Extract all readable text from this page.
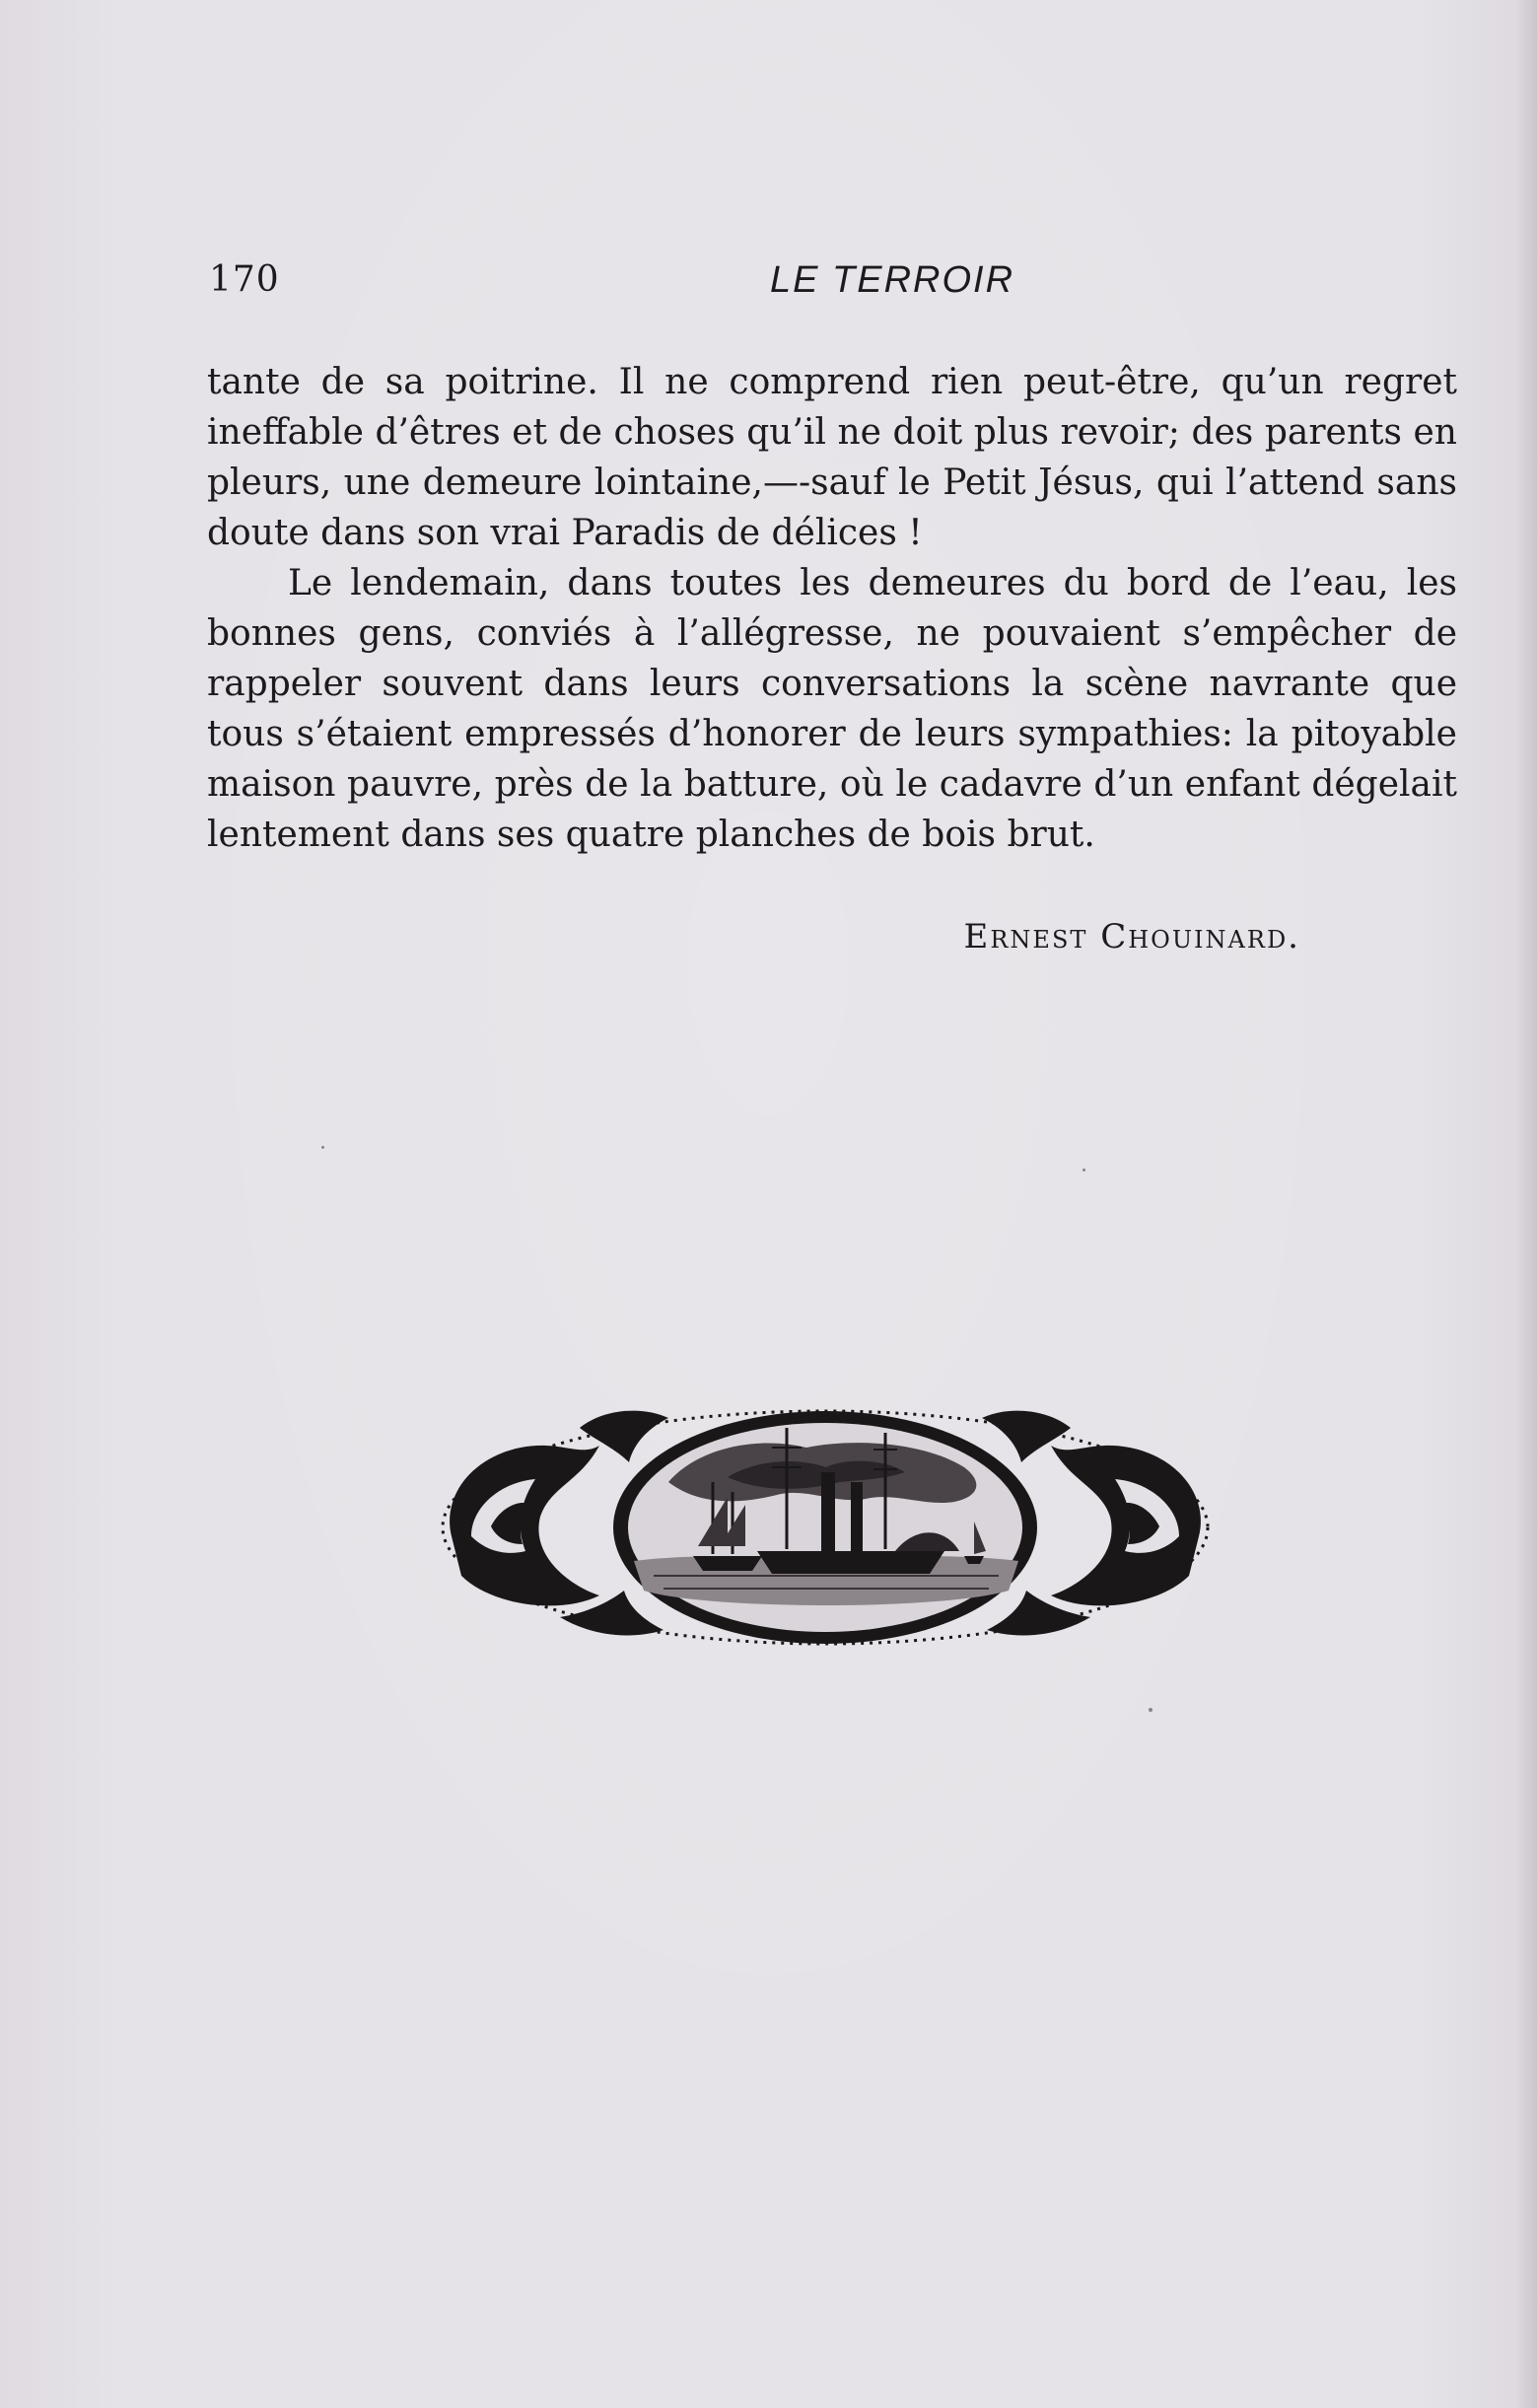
170	LE TERROIR

tante de sa poitrine. Il ne comprend rien peut-être, qu’un regret ineffable d’êtres et de choses qu’il ne doit plus revoir; des parents en pleurs, une demeure lointaine,—-sauf le Petit Jésus, qui l’attend sans doute dans son vrai Paradis de délices !

Le lendemain, dans toutes les demeures du bord de l’eau, les bonnes gens, conviés à l’allégresse, ne pouvaient s’empêcher de rappeler souvent dans leurs conversations la scène navrante que tous s’étaient empressés d’honorer de leurs sympathies: la pitoyable maison pauvre, près de la batture, où le cadavre d’un enfant dégelait lentement dans ses quatre planches de bois brut.

Ernest Chouinard.
